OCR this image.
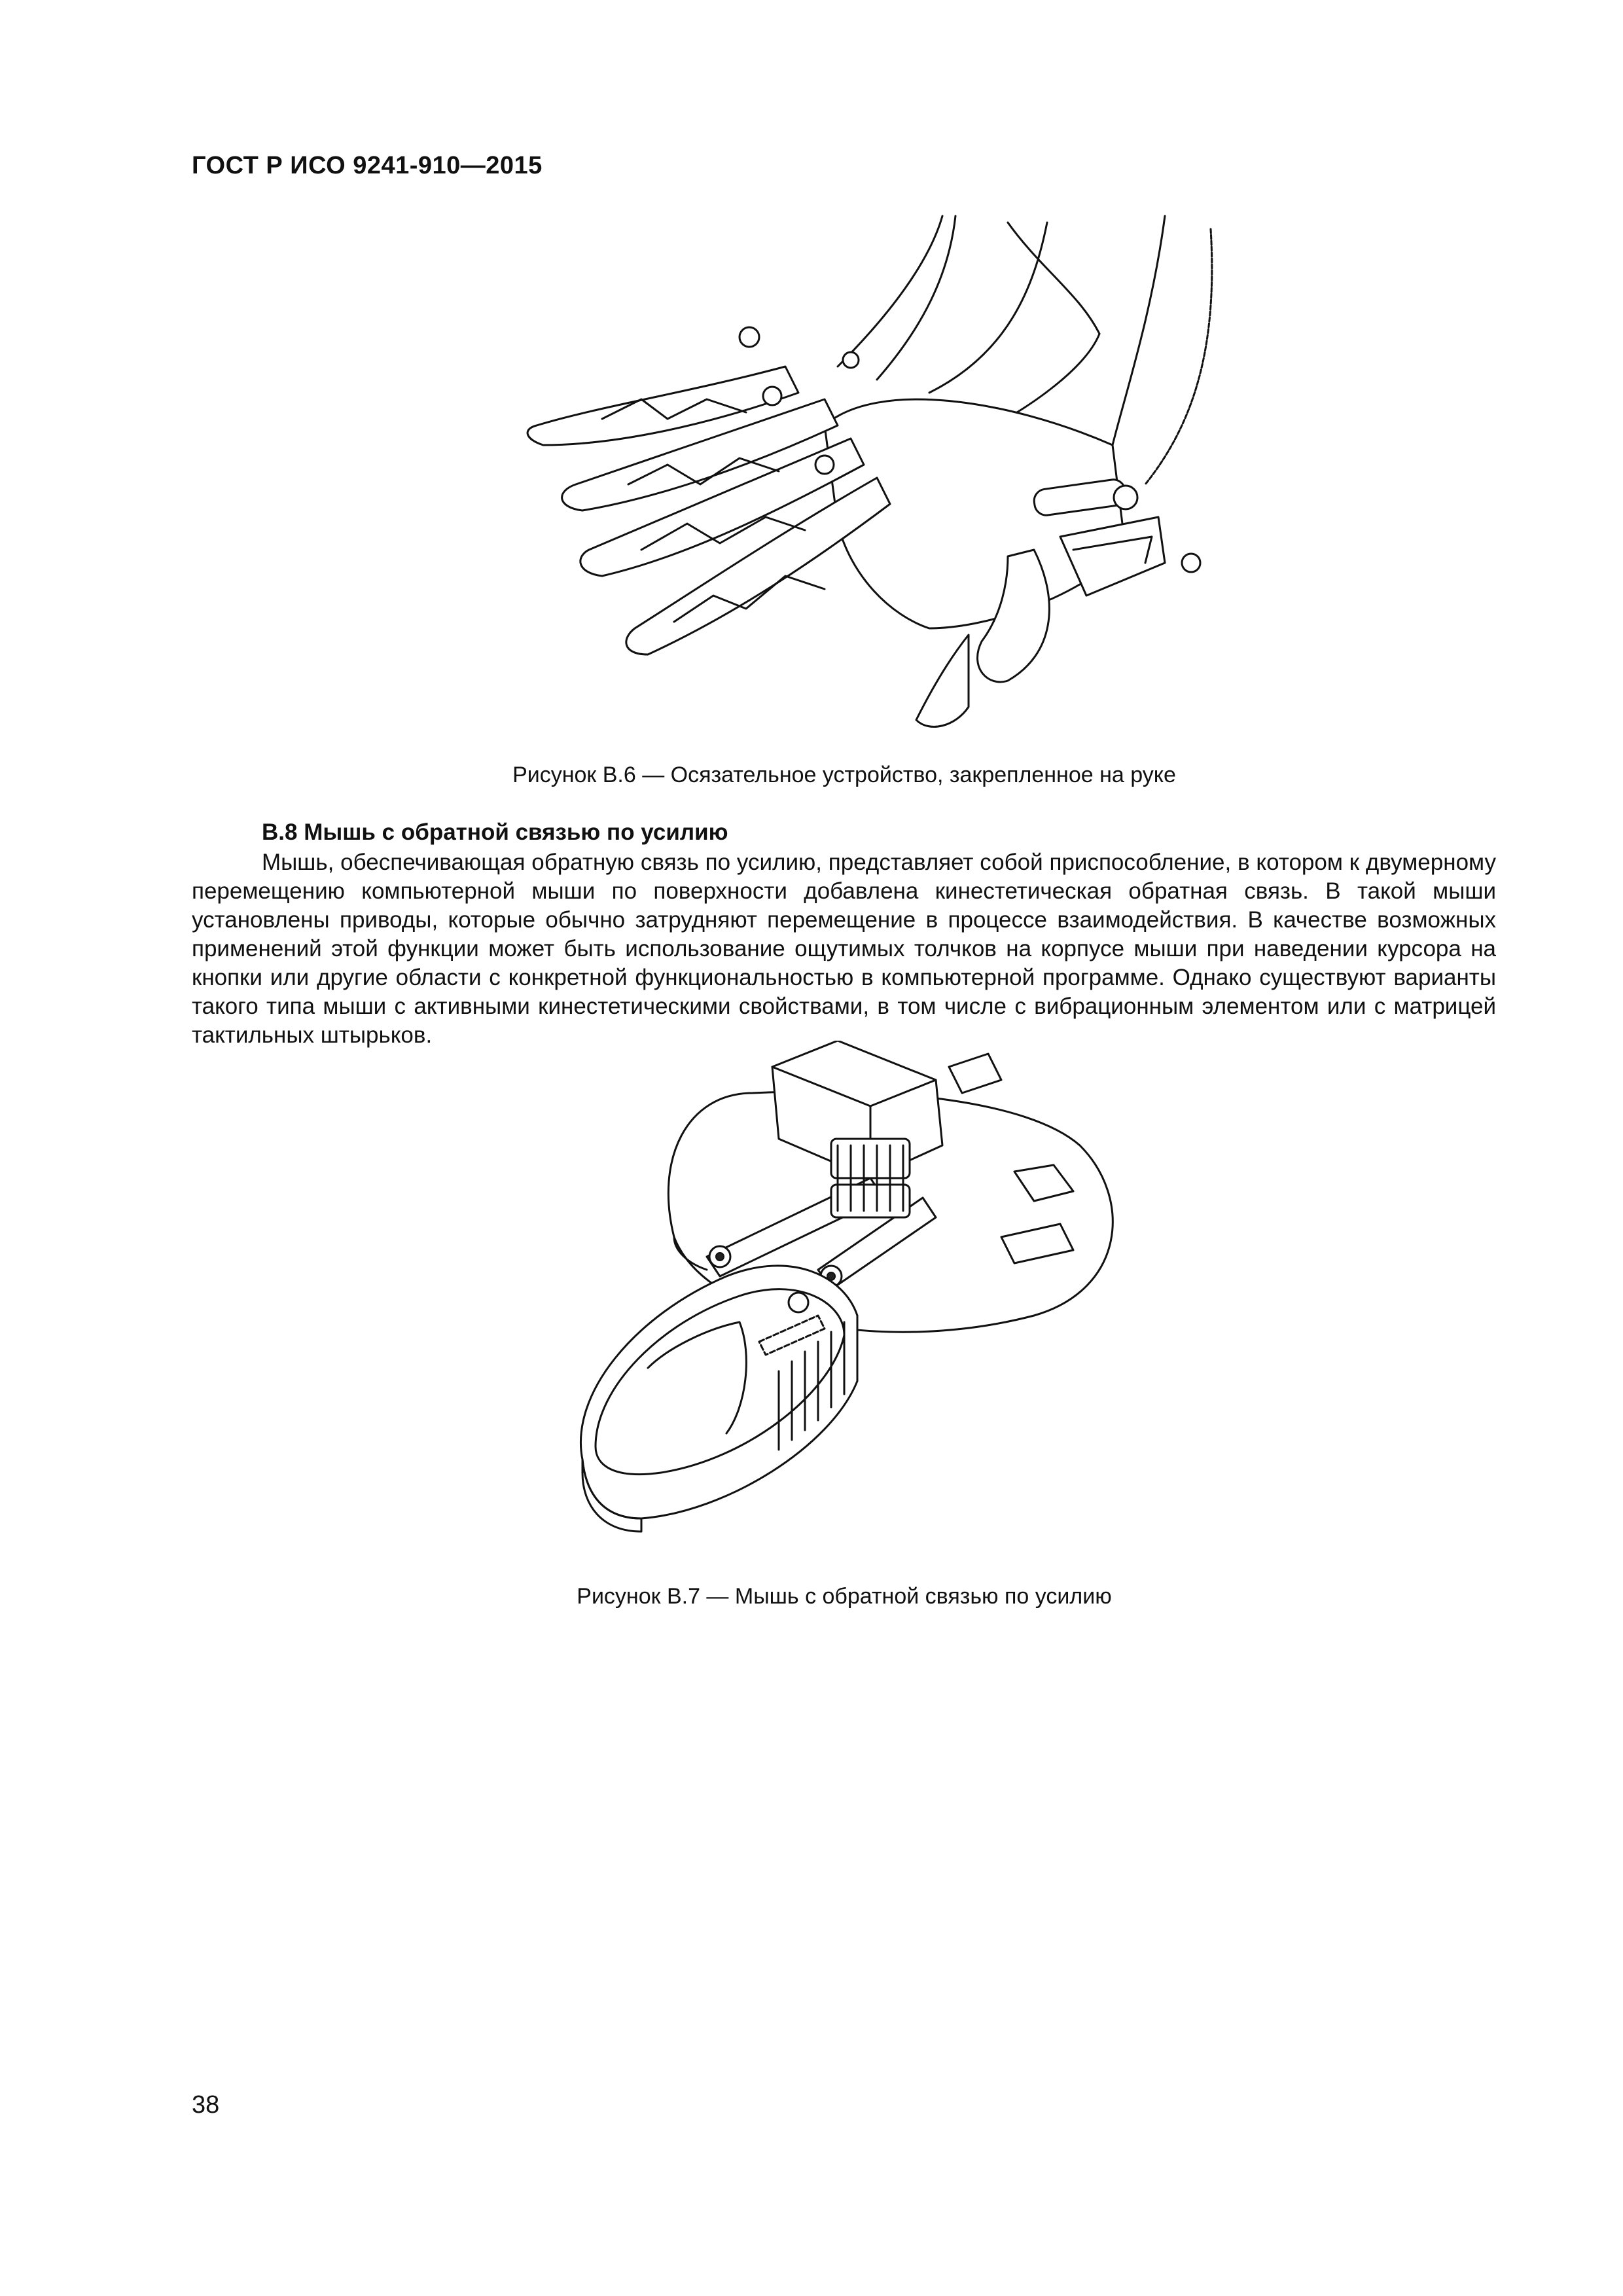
ГОСТ Р ИСО 9241-910—2015
Рисунок В.6 — Осязательное устройство, закрепленное на руке
В.8 Мышь с обратной связью по усилию

Мышь, обеспечивающая обратную связь по усилию, представляет собой приспособление, в котором к двумерному перемещению компьютерной мыши по поверхности добавлена кинестетическая обратная связь. В такой мыши установлены приводы, которые обычно затрудняют перемещение в процессе взаимодействия. В качестве возможных применений этой функции может быть использование ощутимых толчков на корпусе мыши при наведении курсора на кнопки или другие области с конкретной функциональностью в компьютерной программе. Однако существуют варианты такого типа мыши с активными кинестетическими свойствами, в том числе с вибрационным элементом или с матрицей тактильных штырьков.

Рисунок В.7 — Мышь с обратной связью по усилию
38
